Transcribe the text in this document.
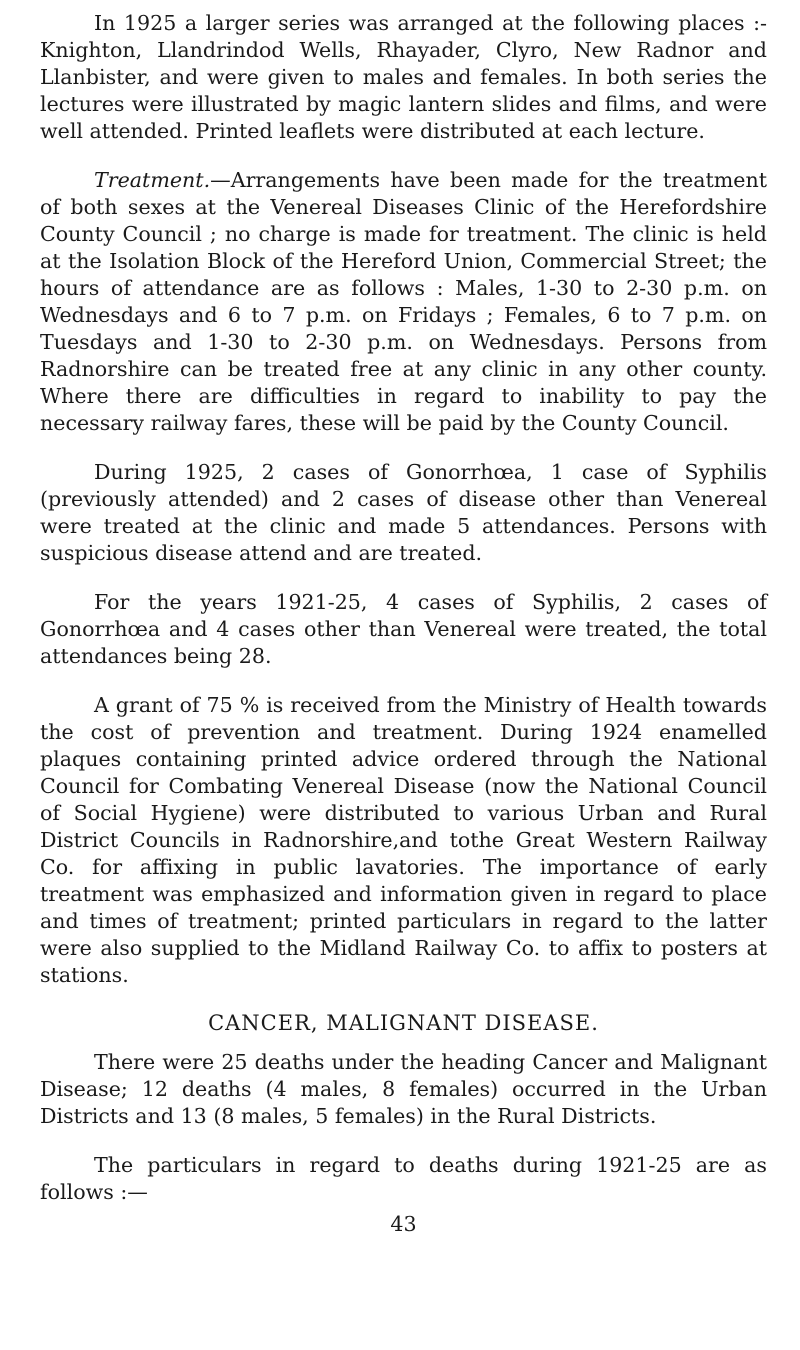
In 1925 a larger series was arranged at the following places :-Knighton, Llandrindod Wells, Rhayader, Clyro, New Radnor and Llanbister, and were given to males and females. In both series the lectures were illustrated by magic lantern slides and films, and were well attended. Printed leaflets were distributed at each lecture.

Treatment.—Arrangements have been made for the treatment of both sexes at the Venereal Diseases Clinic of the Herefordshire County Council ; no charge is made for treatment. The clinic is held at the Isolation Block of the Hereford Union, Commercial Street; the hours of attendance are as follows : Males, 1-30 to 2-30 p.m. on Wednesdays and 6 to 7 p.m. on Fridays ; Females, 6 to 7 p.m. on Tuesdays and 1-30 to 2-30 p.m. on Wednesdays. Persons from Radnorshire can be treated free at any clinic in any other county. Where there are difficulties in regard to inability to pay the necessary railway fares, these will be paid by the County Council.

During 1925, 2 cases of Gonorrhœa, 1 case of Syphilis (previously attended) and 2 cases of disease other than Venereal were treated at the clinic and made 5 attendances. Persons with suspicious disease attend and are treated.

For the years 1921-25, 4 cases of Syphilis, 2 cases of Gonorrhœa and 4 cases other than Venereal were treated, the total attendances being 28.

A grant of 75 % is received from the Ministry of Health towards the cost of prevention and treatment. During 1924 enamelled plaques containing printed advice ordered through the National Council for Combating Venereal Disease (now the National Council of Social Hygiene) were distributed to various Urban and Rural District Councils in Radnorshire,and tothe Great Western Railway Co. for affixing in public lavatories. The importance of early treatment was emphasized and information given in regard to place and times of treatment; printed particulars in regard to the latter were also supplied to the Midland Railway Co. to affix to posters at stations.

CANCER, MALIGNANT DISEASE.

There were 25 deaths under the heading Cancer and Malignant Disease; 12 deaths (4 males, 8 females) occurred in the Urban Districts and 13 (8 males, 5 females) in the Rural Districts.

The particulars in regard to deaths during 1921-25 are as follows :—

43
